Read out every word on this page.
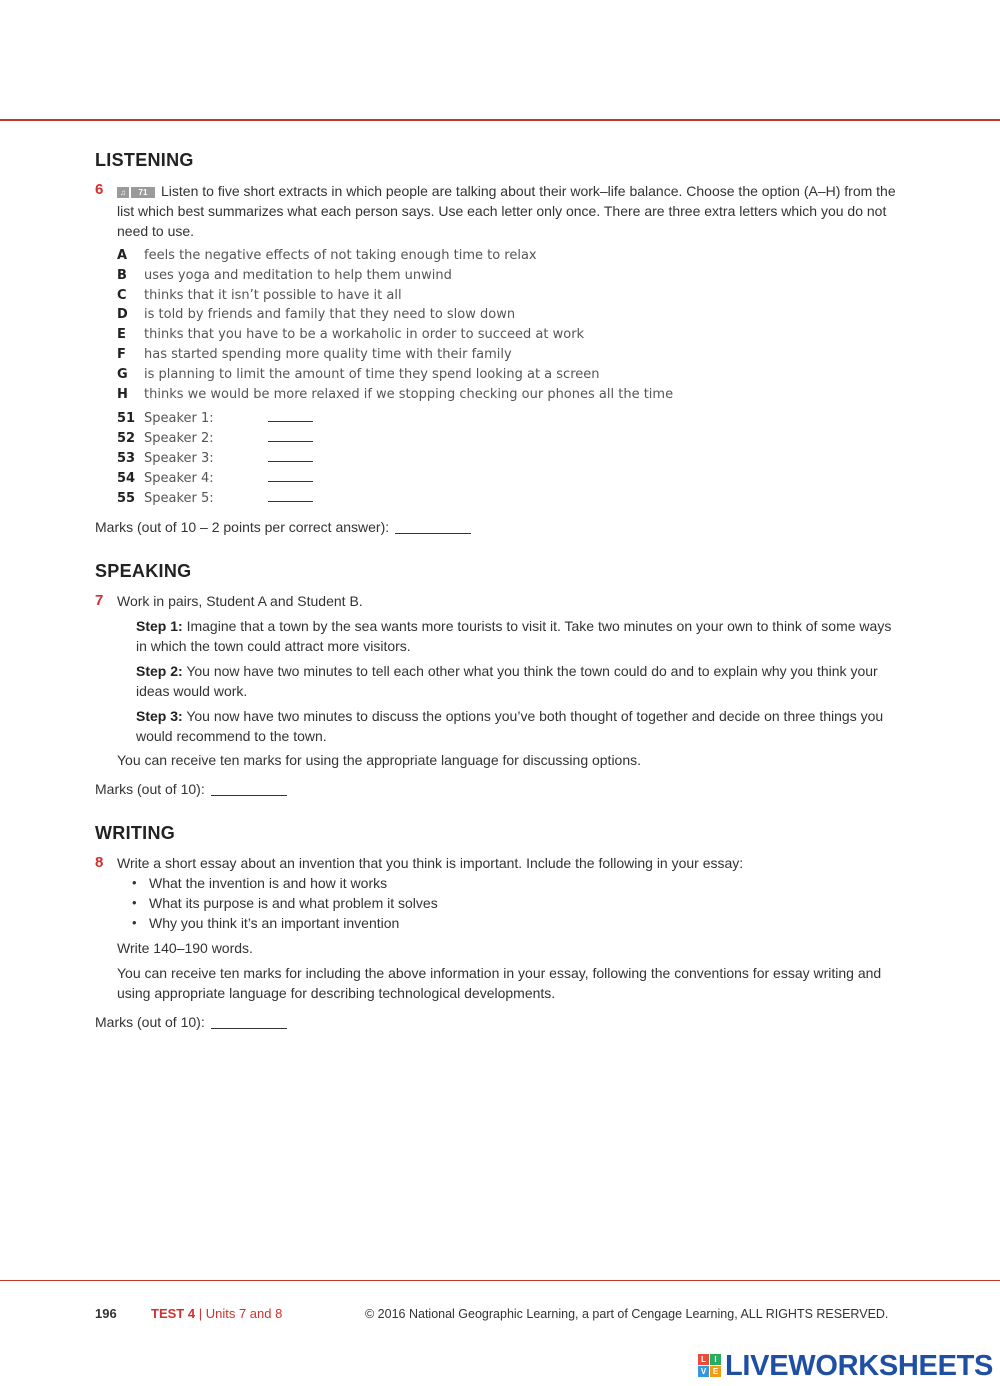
LISTENING
6 ♫ 71 Listen to five short extracts in which people are talking about their work–life balance. Choose the option (A–H) from the list which best summarizes what each person says. Use each letter only once. There are three extra letters which you do not need to use.
A	feels the negative effects of not taking enough time to relax
B	uses yoga and meditation to help them unwind
C	thinks that it isn’t possible to have it all
D	is told by friends and family that they need to slow down
E	thinks that you have to be a workaholic in order to succeed at work
F	has started spending more quality time with their family
G	is planning to limit the amount of time they spend looking at a screen
H	thinks we would be more relaxed if we stopping checking our phones all the time
51 Speaker 1:
52 Speaker 2:
53 Speaker 3:
54 Speaker 4:
55 Speaker 5:
Marks (out of 10 – 2 points per correct answer):
SPEAKING
7 Work in pairs, Student A and Student B.
Step 1: Imagine that a town by the sea wants more tourists to visit it. Take two minutes on your own to think of some ways in which the town could attract more visitors.
Step 2: You now have two minutes to tell each other what you think the town could do and to explain why you think your ideas would work.
Step 3: You now have two minutes to discuss the options you’ve both thought of together and decide on three things you would recommend to the town.
You can receive ten marks for using the appropriate language for discussing options.
Marks (out of 10):
WRITING
8 Write a short essay about an invention that you think is important. Include the following in your essay:
• What the invention is and how it works
• What its purpose is and what problem it solves
• Why you think it’s an important invention
Write 140–190 words.
You can receive ten marks for including the above information in your essay, following the conventions for essay writing and using appropriate language for describing technological developments.
Marks (out of 10):
196	TEST 4 | Units 7 and 8	© 2016 National Geographic Learning, a part of Cengage Learning, ALL RIGHTS RESERVED.
L	I
V E LIVEWORKSHEETS
